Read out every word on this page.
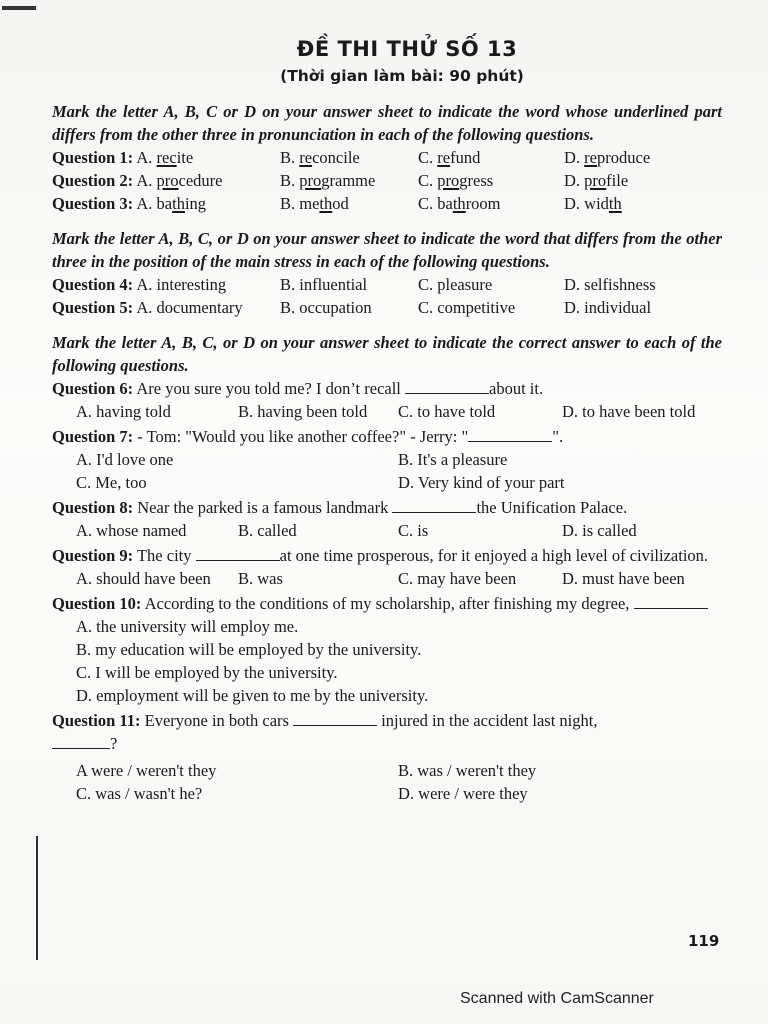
ĐỀ THI THỬ SỐ 13
(Thời gian làm bài: 90 phút)
Mark the letter A, B, C or D on your answer sheet to indicate the word whose underlined part differs from the other three in pronunciation in each of the following questions.
Question 1: A. recite	B. reconcile	C. refund	D. reproduce
Question 2: A. procedure	B. programme	C. progress	D. profile
Question 3: A. bathing	B. method	C. bathroom	D. width
Mark the letter A, B, C, or D on your answer sheet to indicate the word that differs from the other three in the position of the main stress in each of the following questions.
Question 4: A. interesting	B. influential	C. pleasure	D. selfishness
Question 5: A. documentary	B. occupation	C. competitive	D. individual
Mark the letter A, B, C, or D on your answer sheet to indicate the correct answer to each of the following questions.
Question 6: Are you sure you told me? I don’t recall	about it.
A. having told	B. having been told	C. to have told	D. to have been told
Question 7: - Tom: "Would you like another coffee?" - Jerry: "	".
A. I'd love one	B. It's a pleasure
C. Me, too	D. Very kind of your part
Question 8: Near the parked is a famous landmark	the Unification Palace.
A. whose named	B. called	C. is	D. is called
Question 9: The city	at one time prosperous, for it enjoyed a high level of civilization.
A. should have been	B. was	C. may have been	D. must have been
Question 10: According to the conditions of my scholarship, after finishing my degree,
A. the university will employ me.
B. my education will be employed by the university.
C. I will be employed by the university.
D. employment will be given to me by the university.
Question 11: Everyone in both cars	injured in the accident last night,
?
A were / weren't they	B. was / weren't they
C. was / wasn't he?	D. were / were they
119
Scanned with CamScanner
